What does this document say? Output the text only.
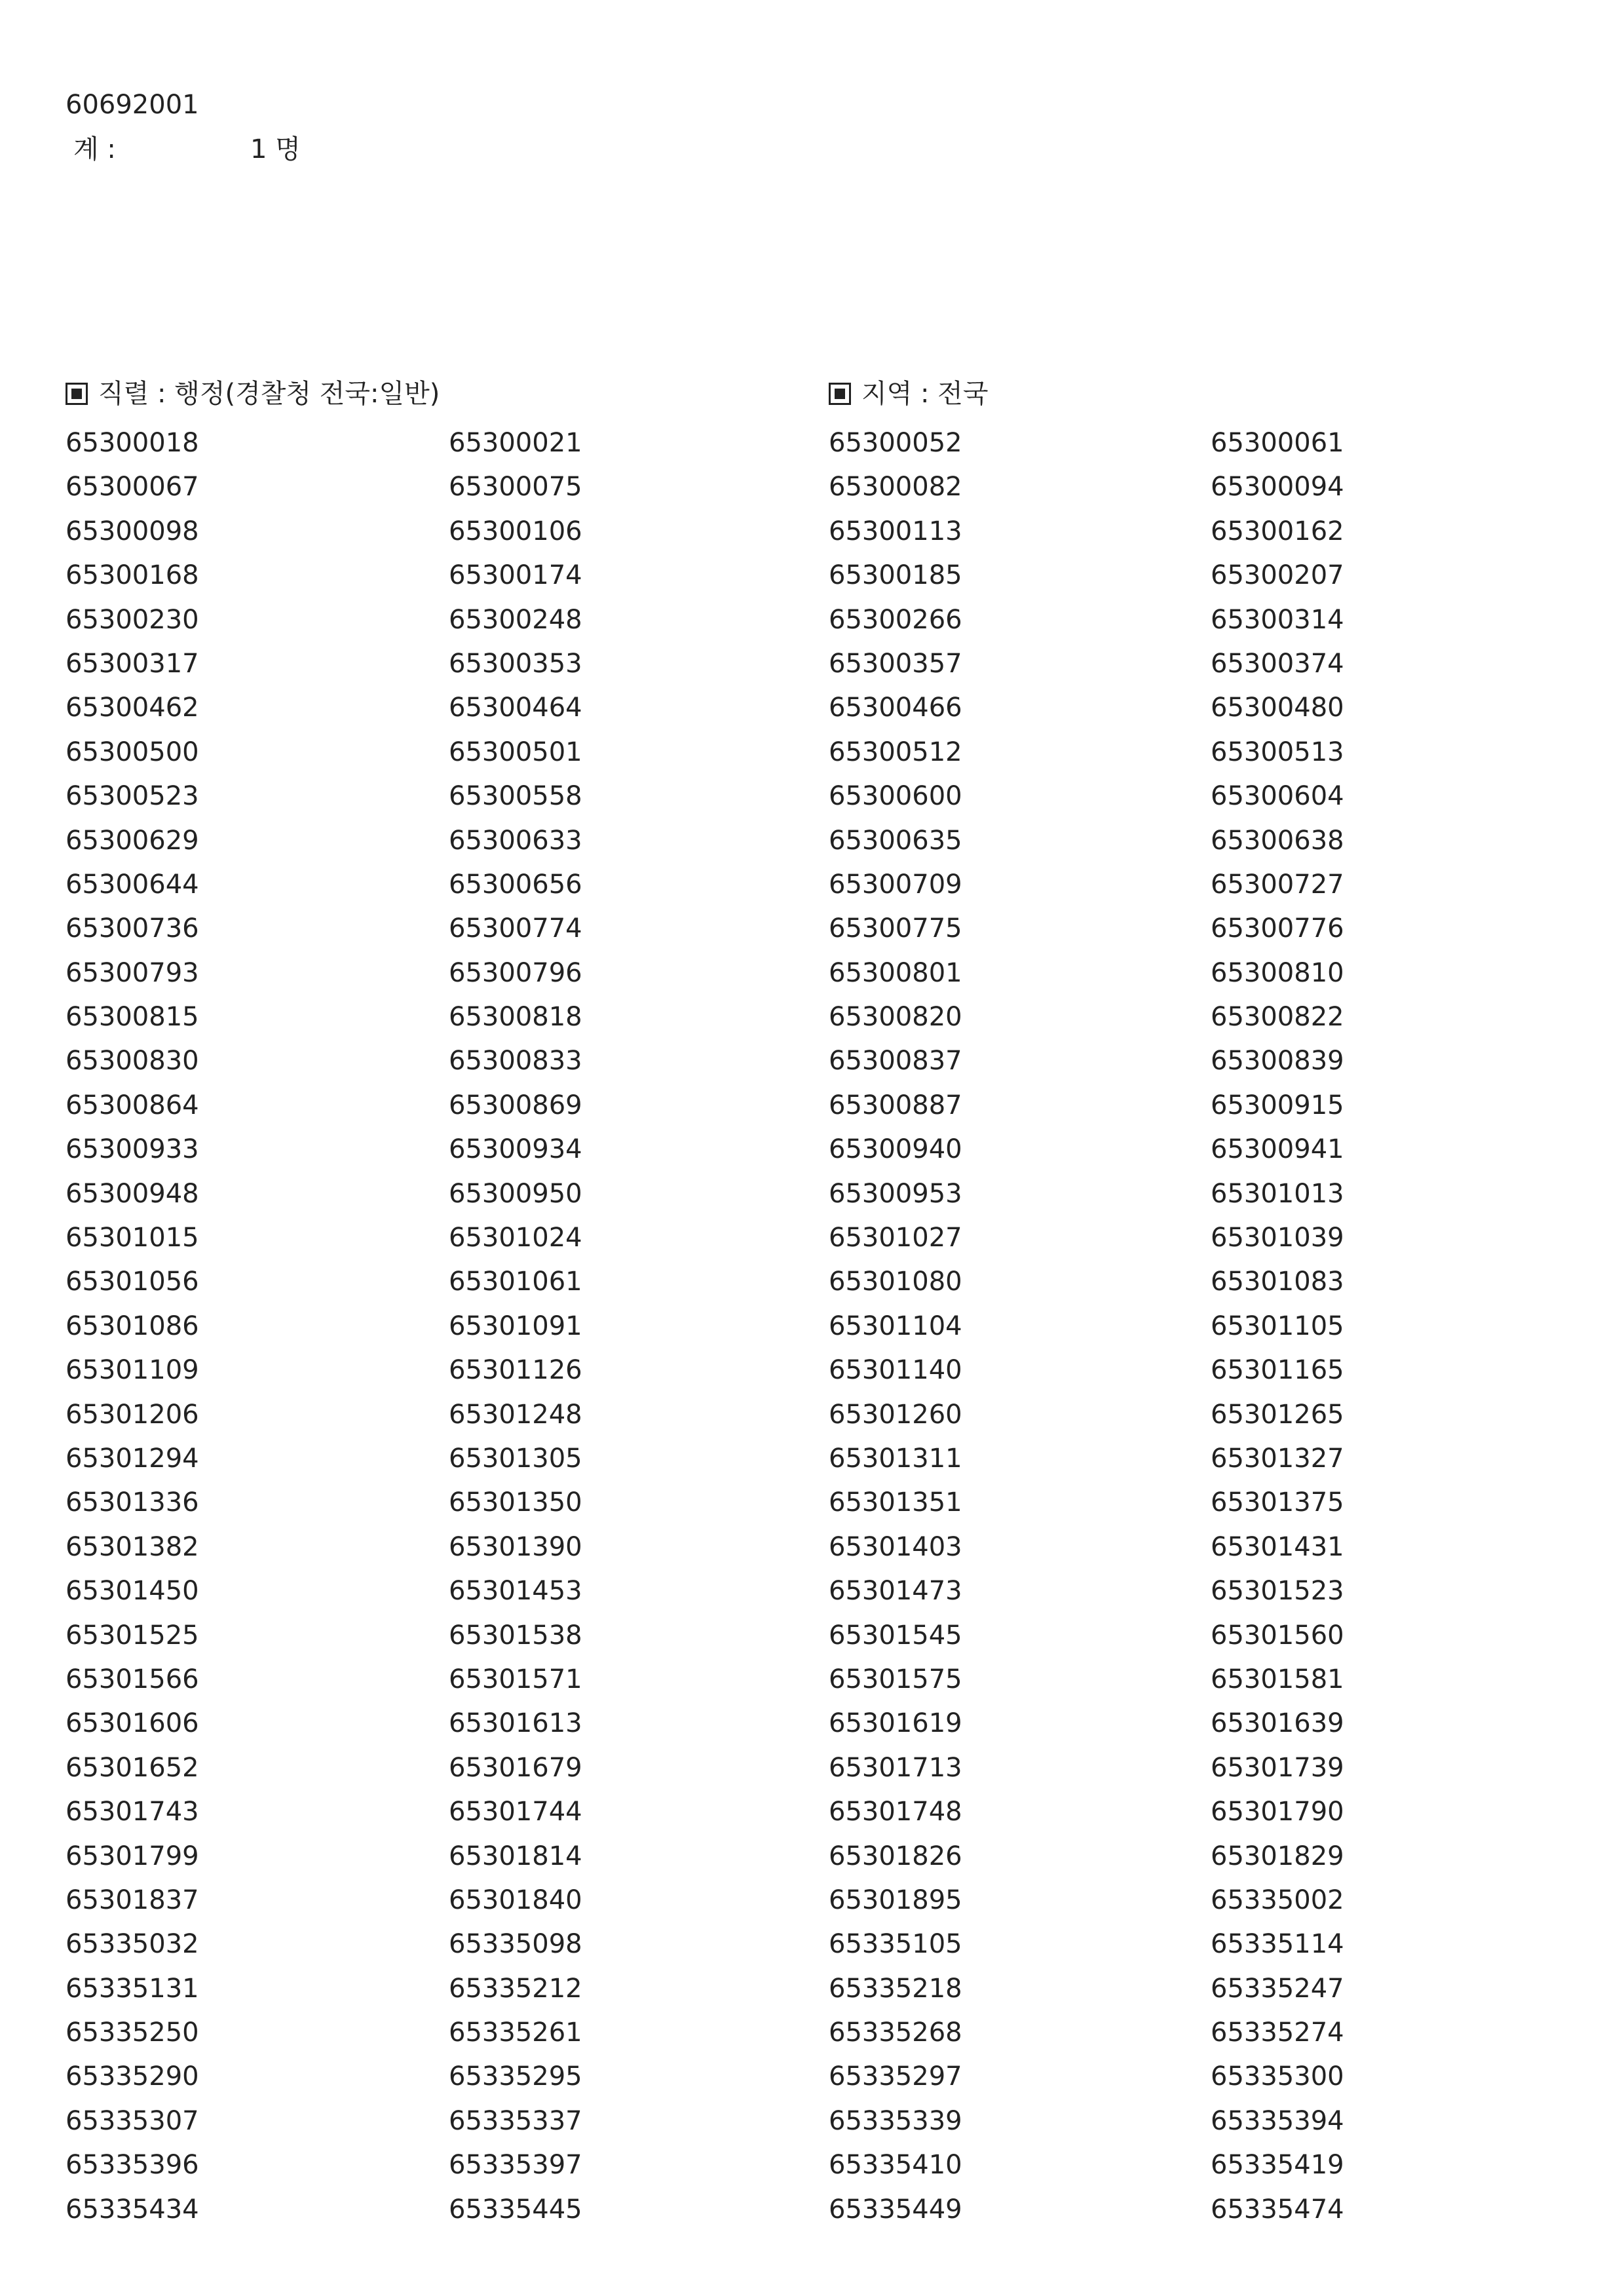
60692001
계 :	1 명
직렬 : 행정(경찰청 전국:일반)	지역 : 전국
65300018	65300021	65300052	65300061
65300067	65300075	65300082	65300094
65300098	65300106	65300113	65300162
65300168	65300174	65300185	65300207
65300230	65300248	65300266	65300314
65300317	65300353	65300357	65300374
65300462	65300464	65300466	65300480
65300500	65300501	65300512	65300513
65300523	65300558	65300600	65300604
65300629	65300633	65300635	65300638
65300644	65300656	65300709	65300727
65300736	65300774	65300775	65300776
65300793	65300796	65300801	65300810
65300815	65300818	65300820	65300822
65300830	65300833	65300837	65300839
65300864	65300869	65300887	65300915
65300933	65300934	65300940	65300941
65300948	65300950	65300953	65301013
65301015	65301024	65301027	65301039
65301056	65301061	65301080	65301083
65301086	65301091	65301104	65301105
65301109	65301126	65301140	65301165
65301206	65301248	65301260	65301265
65301294	65301305	65301311	65301327
65301336	65301350	65301351	65301375
65301382	65301390	65301403	65301431
65301450	65301453	65301473	65301523
65301525	65301538	65301545	65301560
65301566	65301571	65301575	65301581
65301606	65301613	65301619	65301639
65301652	65301679	65301713	65301739
65301743	65301744	65301748	65301790
65301799	65301814	65301826	65301829
65301837	65301840	65301895	65335002
65335032	65335098	65335105	65335114
65335131	65335212	65335218	65335247
65335250	65335261	65335268	65335274
65335290	65335295	65335297	65335300
65335307	65335337	65335339	65335394
65335396	65335397	65335410	65335419
65335434	65335445	65335449	65335474
